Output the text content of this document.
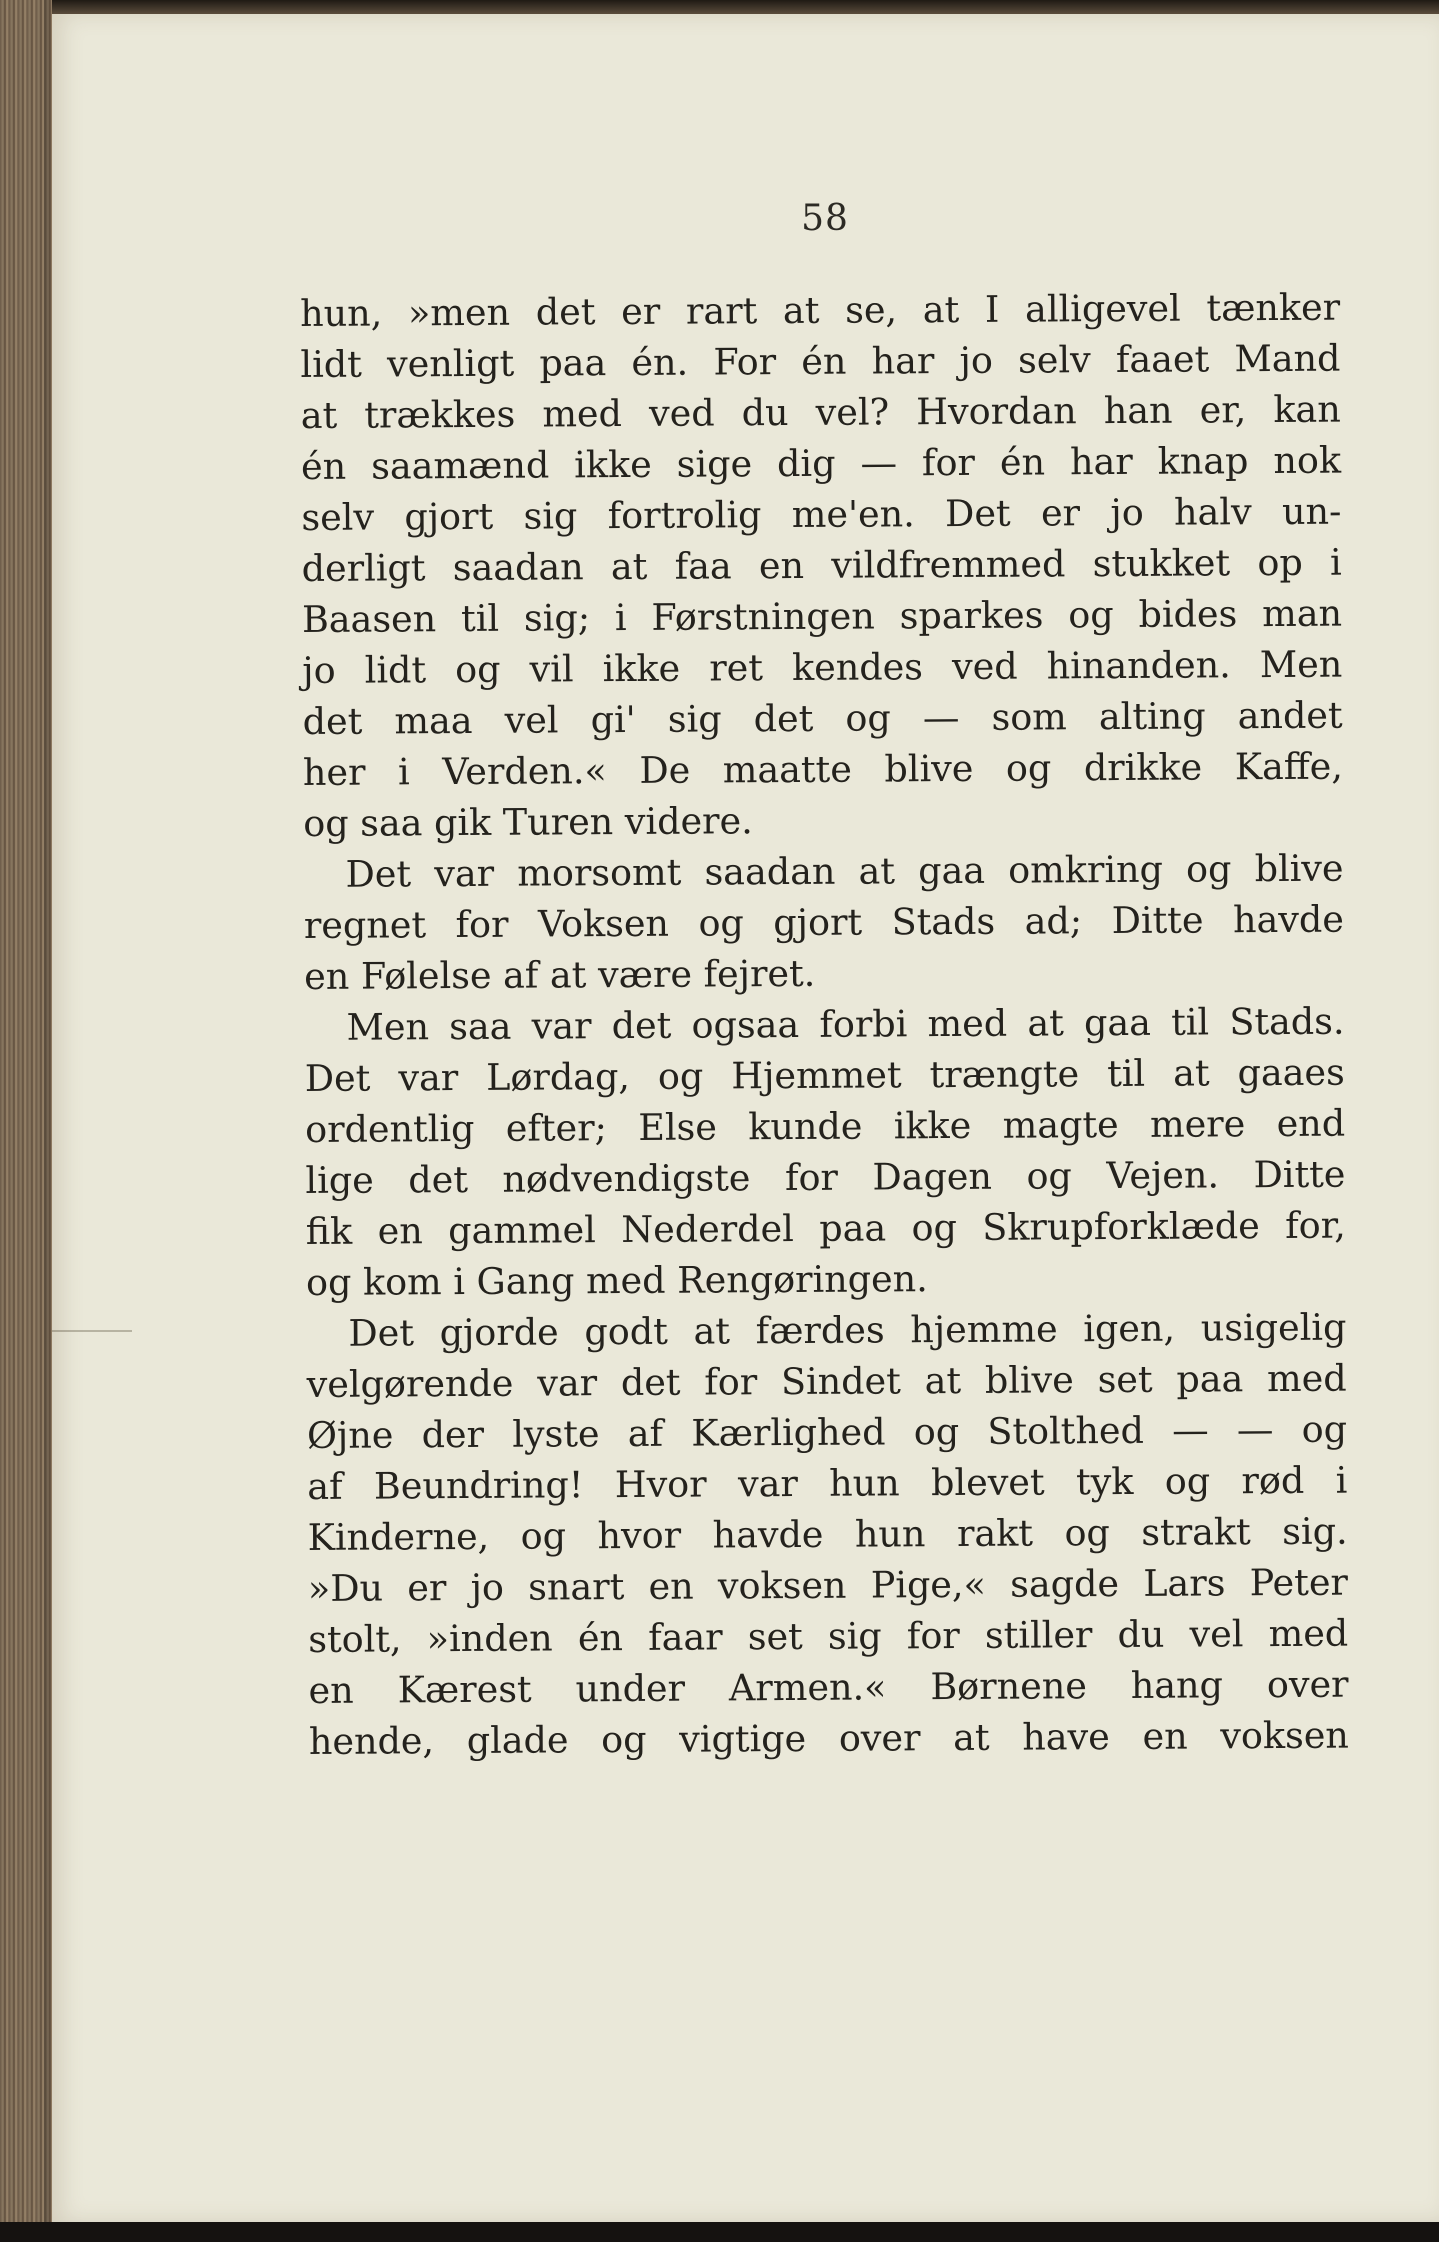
58
hun, »men det er rart at se, at I alligevel tænker
lidt venligt paa én. For én har jo selv faaet Mand
at trækkes med ved du vel? Hvordan han er, kan
én saamænd ikke sige dig — for én har knap nok
selv gjort sig fortrolig me'en. Det er jo halv un-
derligt saadan at faa en vildfremmed stukket op i
Baasen til sig; i Førstningen sparkes og bides man
jo lidt og vil ikke ret kendes ved hinanden. Men
det maa vel gi' sig det og — som alting andet
her i Verden.« De maatte blive og drikke Kaffe,
og saa gik Turen videre.
Det var morsomt saadan at gaa omkring og blive
regnet for Voksen og gjort Stads ad; Ditte havde
en Følelse af at være fejret.
Men saa var det ogsaa forbi med at gaa til Stads.
Det var Lørdag, og Hjemmet trængte til at gaaes
ordentlig efter; Else kunde ikke magte mere end
lige det nødvendigste for Dagen og Vejen. Ditte
fik en gammel Nederdel paa og Skrupforklæde for,
og kom i Gang med Rengøringen.
Det gjorde godt at færdes hjemme igen, usigelig
velgørende var det for Sindet at blive set paa med
Øjne der lyste af Kærlighed og Stolthed — — og
af Beundring! Hvor var hun blevet tyk og rød i
Kinderne, og hvor havde hun rakt og strakt sig.
»Du er jo snart en voksen Pige,« sagde Lars Peter
stolt, »inden én faar set sig for stiller du vel med
en Kærest under Armen.« Børnene hang over
hende, glade og vigtige over at have en voksen
